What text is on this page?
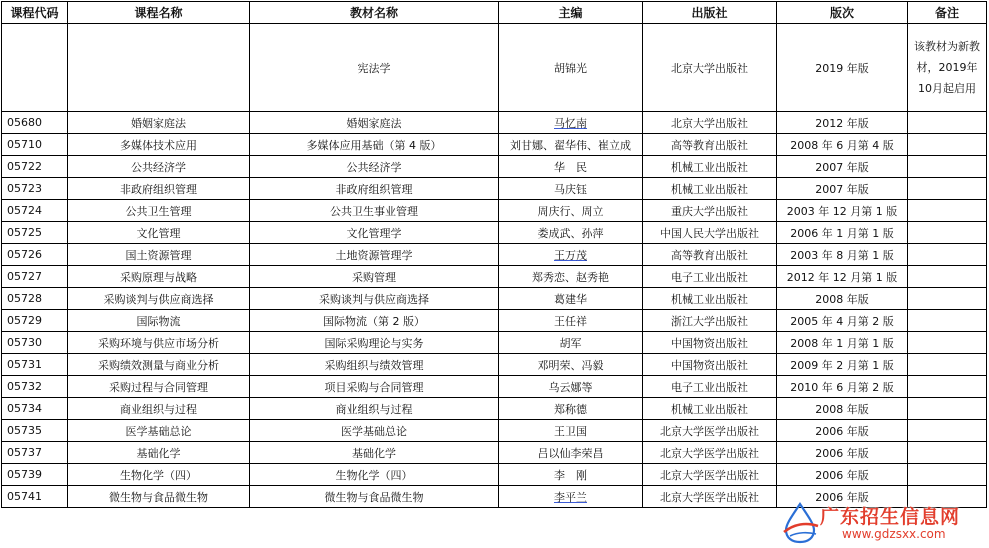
课程代码	课程名称	教材名称	主编	出版社	版次	备注
		宪法学	胡锦光	北京大学出版社	2019 年版	该教材为新教材，2019年10月起启用
05680	婚姻家庭法	婚姻家庭法	马忆南	北京大学出版社	2012 年版	
05710	多媒体技术应用	多媒体应用基础（第 4 版）	刘甘娜、翟华伟、崔立成	高等教育出版社	2008 年 6 月第 4 版	
05722	公共经济学	公共经济学	华　民	机械工业出版社	2007 年版	
05723	非政府组织管理	非政府组织管理	马庆钰	机械工业出版社	2007 年版	
05724	公共卫生管理	公共卫生事业管理	周庆行、周立	重庆大学出版社	2003 年 12 月第 1 版	
05725	文化管理	文化管理学	娄成武、孙萍	中国人民大学出版社	2006 年 1 月第 1 版	
05726	国土资源管理	土地资源管理学	王万茂	高等教育出版社	2003 年 8 月第 1 版	
05727	采购原理与战略	采购管理	郑秀恋、赵秀艳	电子工业出版社	2012 年 12 月第 1 版	
05728	采购谈判与供应商选择	采购谈判与供应商选择	葛建华	机械工业出版社	2008 年版	
05729	国际物流	国际物流（第 2 版）	王任祥	浙江大学出版社	2005 年 4 月第 2 版	
05730	采购环境与供应市场分析	国际采购理论与实务	胡军	中国物资出版社	2008 年 1 月第 1 版	
05731	采购绩效测量与商业分析	采购组织与绩效管理	邓明荣、冯毅	中国物资出版社	2009 年 2 月第 1 版	
05732	采购过程与合同管理	项目采购与合同管理	乌云娜等	电子工业出版社	2010 年 6 月第 2 版	
05734	商业组织与过程	商业组织与过程	郑称德	机械工业出版社	2008 年版	
05735	医学基础总论	医学基础总论	王卫国	北京大学医学出版社	2006 年版	
05737	基础化学	基础化学	吕以仙李荣昌	北京大学医学出版社	2006 年版	
05739	生物化学（四）	生物化学（四）	李　刚	北京大学医学出版社	2006 年版	
05741	微生物与食品微生物	微生物与食品微生物	李平兰	北京大学医学出版社	2006 年版	
广东招生信息网
www.gdzsxx.com
